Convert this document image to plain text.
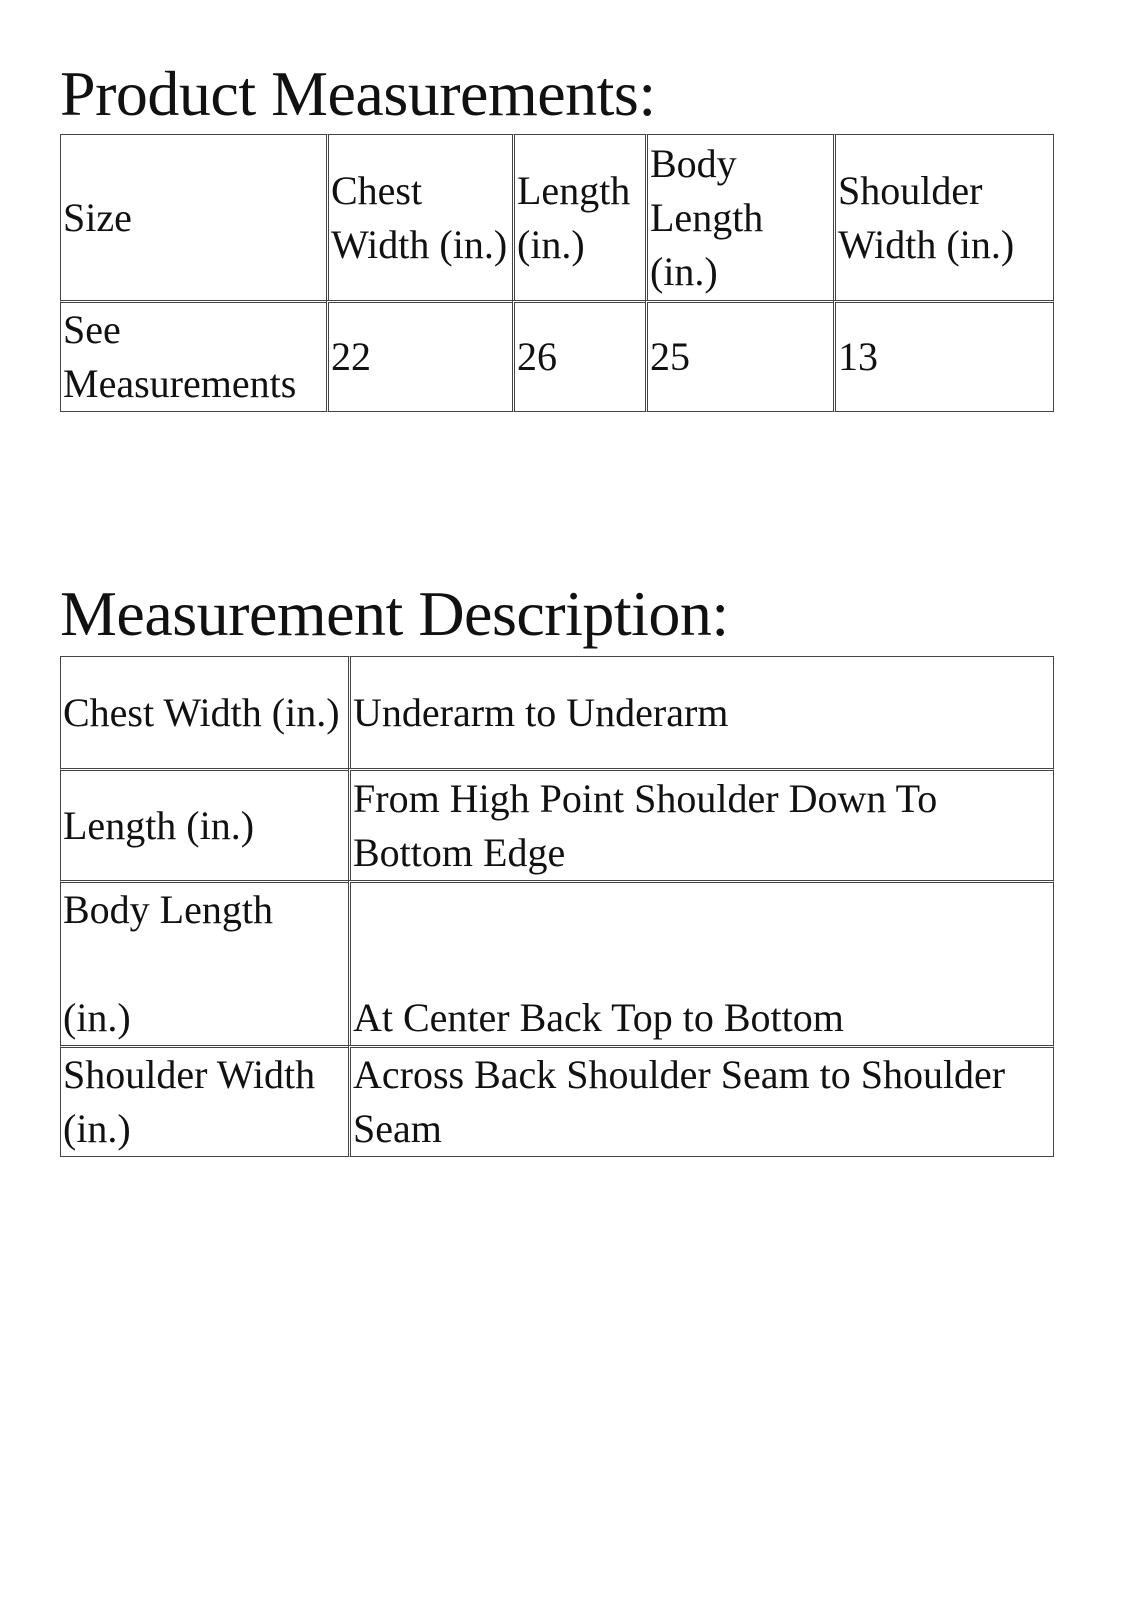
Product Measurements:
Size	Chest Width (in.)	Length (in.)	Body Length (in.)	Shoulder Width (in.)
See Measurements	22	26	25	13
Measurement Description:
Chest Width (in.)	Underarm to Underarm
Length (in.)	From High Point Shoulder Down To Bottom Edge
Body Length

(in.)	At Center Back Top to Bottom
Shoulder Width (in.)	Across Back Shoulder Seam to Shoulder Seam
